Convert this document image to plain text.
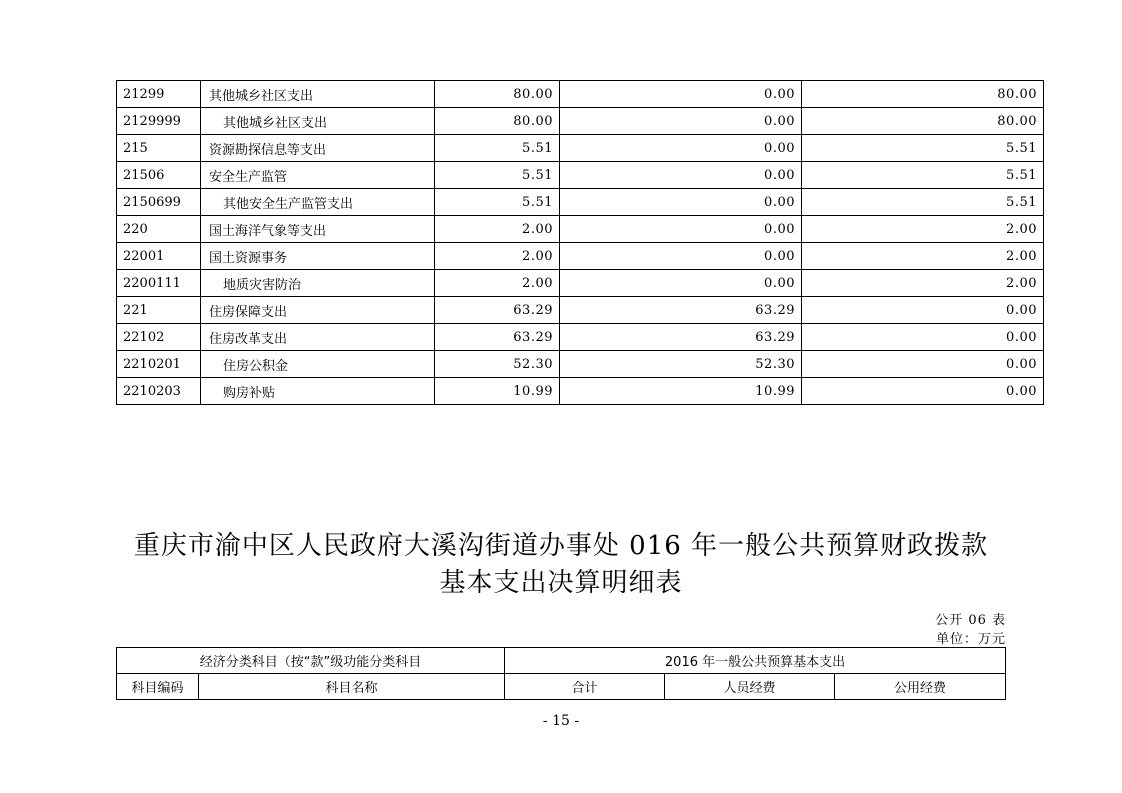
21299	其他城乡社区支出	80.00	0.00	80.00
2129999	其他城乡社区支出	80.00	0.00	80.00
215	资源勘探信息等支出	5.51	0.00	5.51
21506	安全生产监管	5.51	0.00	5.51
2150699	其他安全生产监管支出	5.51	0.00	5.51
220	国土海洋气象等支出	2.00	0.00	2.00
22001	国土资源事务	2.00	0.00	2.00
2200111	地质灾害防治	2.00	0.00	2.00
221	住房保障支出	63.29	63.29	0.00
22102	住房改革支出	63.29	63.29	0.00
2210201	住房公积金	52.30	52.30	0.00
2210203	购房补贴	10.99	10.99	0.00
重庆市渝中区人民政府大溪沟街道办事处 016 年一般公共预算财政拨款
基本支出决算明细表
公开 06 表
单位：万元
经济分类科目（按“款”级功能分类科目		2016 年一般公共预算基本支出		
科目编码	科目名称	合计	人员经费	公用经费
- 15 -
